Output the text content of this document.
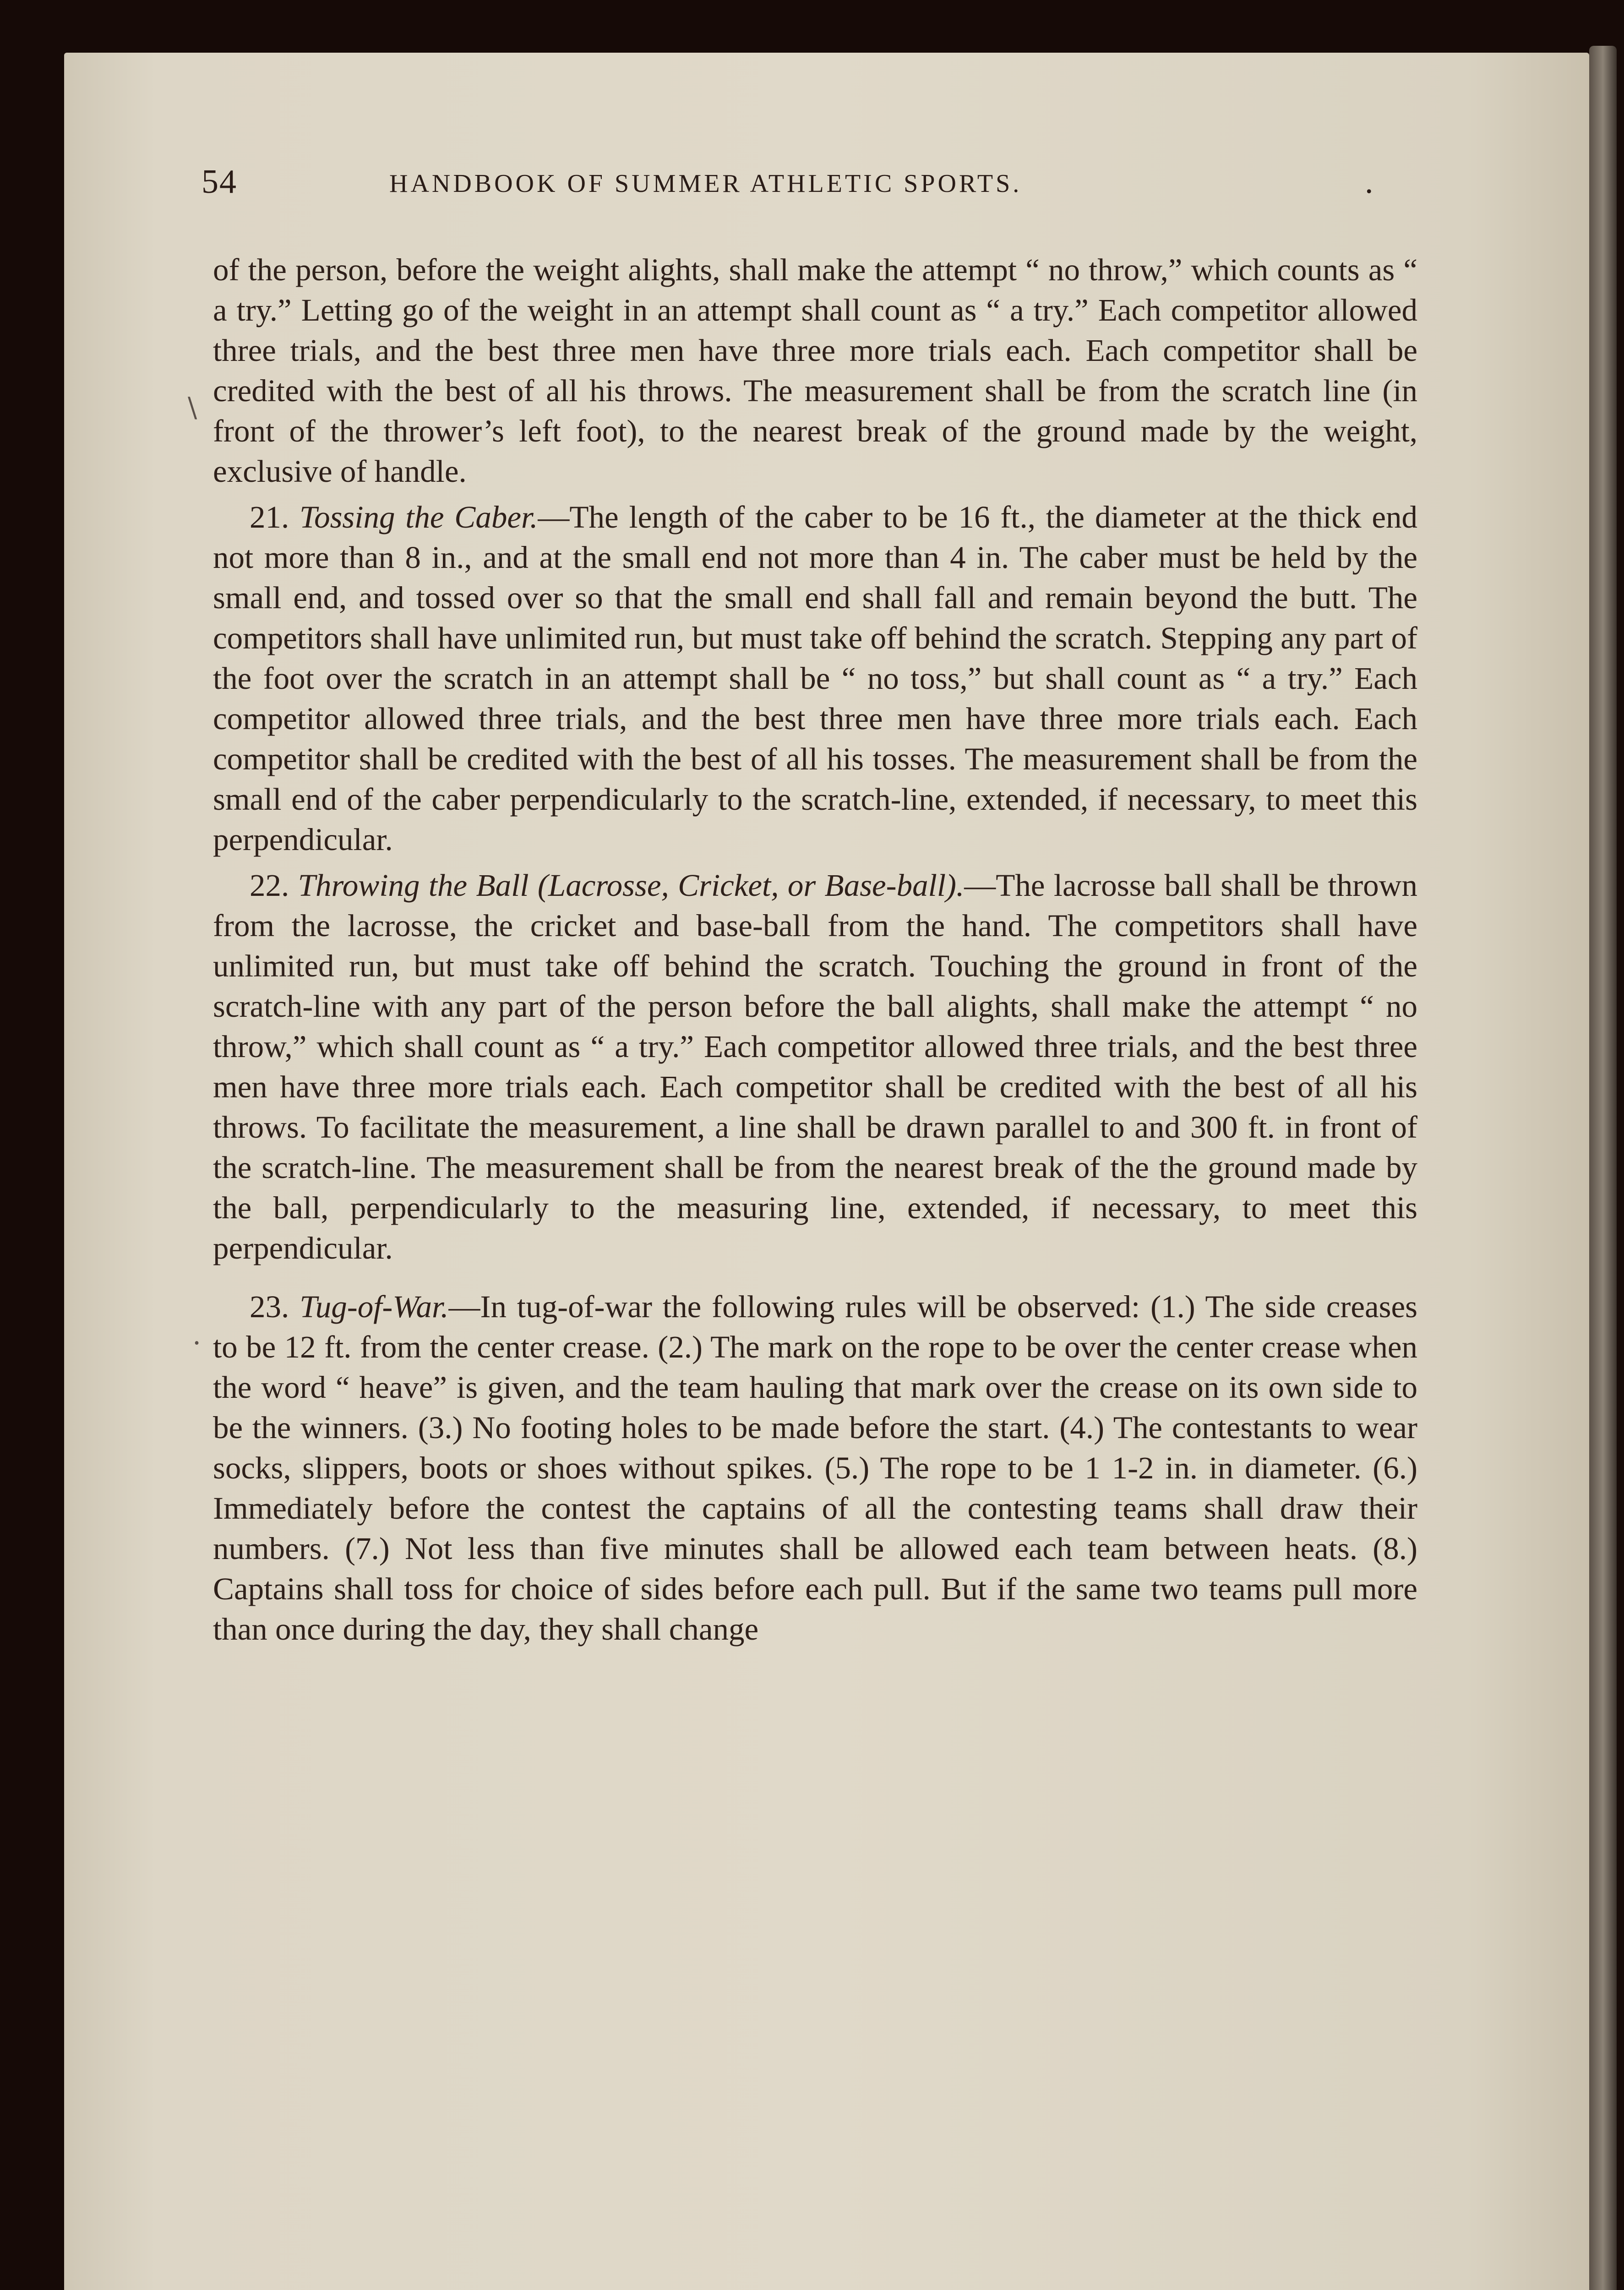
54	HANDBOOK OF SUMMER ATHLETIC SPORTS.	.
\
.

of the person, before the weight alights, shall make the attempt “ no throw,” which counts as “ a try.” Letting go of the weight in an attempt shall count as “ a try.” Each competitor allowed three trials, and the best three men have three more trials each. Each competitor shall be credited with the best of all his throws. The measurement shall be from the scratch line (in front of the thrower’s left foot), to the nearest break of the ground made by the weight, exclusive of handle.

21. Tossing the Caber.—The length of the caber to be 16 ft., the diameter at the thick end not more than 8 in., and at the small end not more than 4 in. The caber must be held by the small end, and tossed over so that the small end shall fall and remain beyond the butt. The competitors shall have unlimited run, but must take off behind the scratch. Stepping any part of the foot over the scratch in an attempt shall be “ no toss,” but shall count as “ a try.” Each competitor allowed three trials, and the best three men have three more trials each. Each competitor shall be credited with the best of all his tosses. The measurement shall be from the small end of the caber perpendicularly to the scratch-line, extended, if necessary, to meet this perpendicular.

22. Throwing the Ball (Lacrosse, Cricket, or Base-ball).—The lacrosse ball shall be thrown from the lacrosse, the cricket and base-ball from the hand. The competitors shall have unlimited run, but must take off behind the scratch. Touching the ground in front of the scratch-line with any part of the person before the ball alights, shall make the attempt “ no throw,” which shall count as “ a try.” Each competitor allowed three trials, and the best three men have three more trials each. Each competitor shall be credited with the best of all his throws. To facilitate the measurement, a line shall be drawn parallel to and 300 ft. in front of the scratch-line. The measurement shall be from the nearest break of the the ground made by the ball, perpendicularly to the measuring line, extended, if necessary, to meet this perpendicular.

23. Tug-of-War.—In tug-of-war the following rules will be observed: (1.) The side creases to be 12 ft. from the center crease. (2.) The mark on the rope to be over the center crease when the word “ heave” is given, and the team hauling that mark over the crease on its own side to be the winners. (3.) No footing holes to be made before the start. (4.) The contestants to wear socks, slippers, boots or shoes without spikes. (5.) The rope to be 1 1-2 in. in diameter. (6.) Immediately before the contest the captains of all the contesting teams shall draw their numbers. (7.) Not less than five minutes shall be allowed each team between heats. (8.) Captains shall toss for choice of sides before each pull. But if the same two teams pull more than once during the day, they shall change
